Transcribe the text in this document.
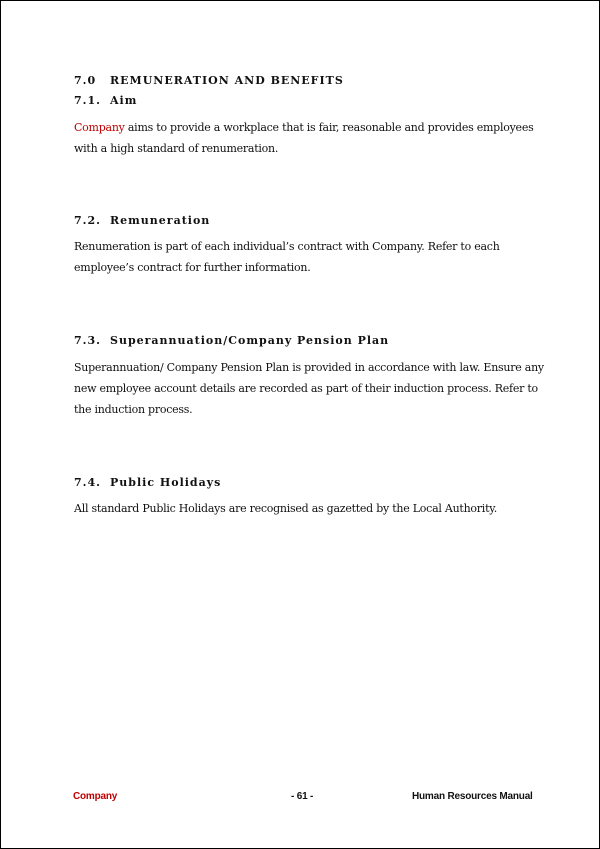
7.0 REMUNERATION AND BENEFITS
7.1. Aim
Company aims to provide a workplace that is fair, reasonable and provides employees
with a high standard of renumeration.
7.2. Remuneration
Renumeration is part of each individual’s contract with Company. Refer to each
employee’s contract for further information.
7.3. Superannuation/Company Pension Plan
Superannuation/ Company Pension Plan is provided in accordance with law. Ensure any
new employee account details are recorded as part of their induction process. Refer to
the induction process.
7.4. Public Holidays
All standard Public Holidays are recognised as gazetted by the Local Authority.
Company	- 61 -	Human Resources Manual
